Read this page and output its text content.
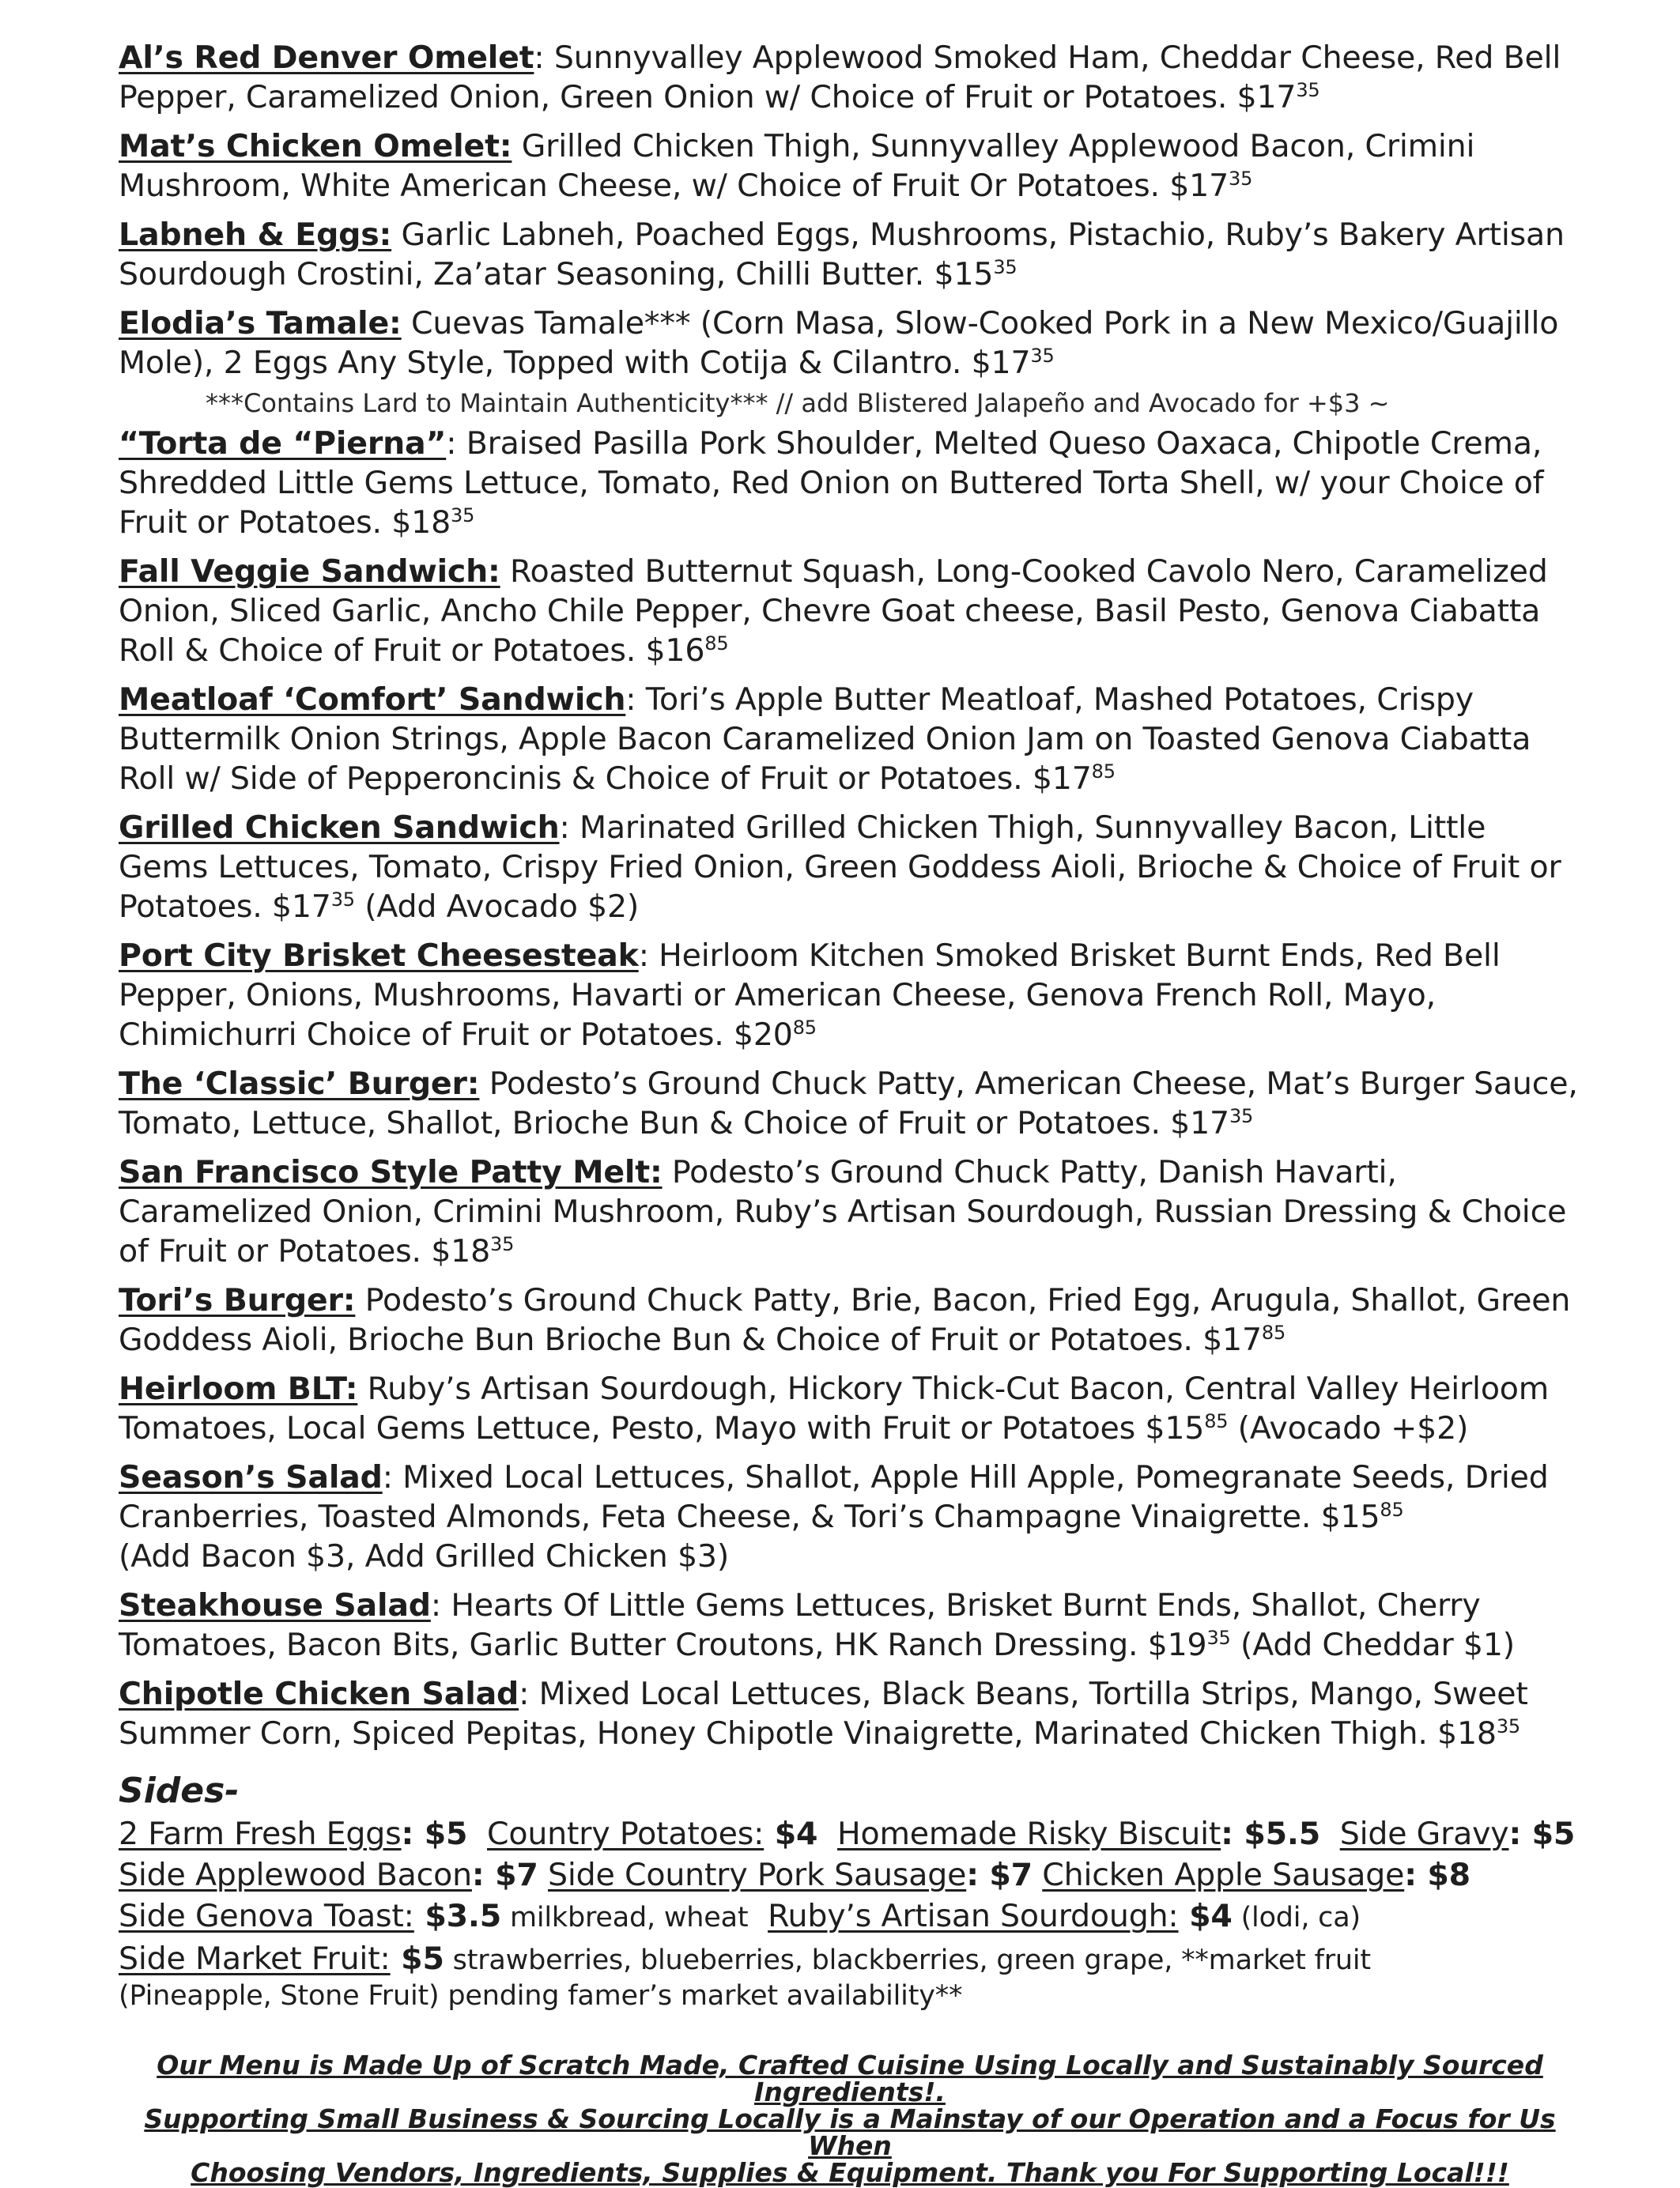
Al’s Red Denver Omelet: Sunnyvalley Applewood Smoked Ham, Cheddar Cheese, Red Bell Pepper, Caramelized Onion, Green Onion w/ Choice of Fruit or Potatoes. $\$17^{35}$
Mat’s Chicken Omelet: Grilled Chicken Thigh, Sunnyvalley Applewood Bacon, Crimini Mushroom, White American Cheese, w/ Choice of Fruit Or Potatoes. $\$17^{35}$
Labneh & Eggs: Garlic Labneh, Poached Eggs, Mushrooms, Pistachio, Ruby’s Bakery Artisan Sourdough Crostini, Za’atar Seasoning, Chilli Butter. $\$15^{35}$
Elodia’s Tamale: Cuevas Tamale*** (Corn Masa, Slow-Cooked Pork in a New Mexico/Guajillo Mole), 2 Eggs Any Style, Topped with Cotija & Cilantro. $\$17^{35}$
***Contains Lard to Maintain Authenticity*** // add Blistered Jalapeño and Avocado for +$3 ~
“Torta de “Pierna”: Braised Pasilla Pork Shoulder, Melted Queso Oaxaca, Chipotle Crema, Shredded Little Gems Lettuce, Tomato, Red Onion on Buttered Torta Shell, w/ your Choice of Fruit or Potatoes. $\$18^{35}$
Fall Veggie Sandwich: Roasted Butternut Squash, Long-Cooked Cavolo Nero, Caramelized Onion, Sliced Garlic, Ancho Chile Pepper, Chevre Goat cheese, Basil Pesto, Genova Ciabatta Roll & Choice of Fruit or Potatoes. $\$16^{85}$
Meatloaf ‘Comfort’ Sandwich: Tori’s Apple Butter Meatloaf, Mashed Potatoes, Crispy Buttermilk Onion Strings, Apple Bacon Caramelized Onion Jam on Toasted Genova Ciabatta Roll w/ Side of Pepperoncinis & Choice of Fruit or Potatoes. $\$17^{85}$
Grilled Chicken Sandwich: Marinated Grilled Chicken Thigh, Sunnyvalley Bacon, Little Gems Lettuces, Tomato, Crispy Fried Onion, Green Goddess Aioli, Brioche & Choice of Fruit or Potatoes. $\$17^{35}$ (Add Avocado $2)
Port City Brisket Cheesesteak: Heirloom Kitchen Smoked Brisket Burnt Ends, Red Bell Pepper, Onions, Mushrooms, Havarti or American Cheese, Genova French Roll, Mayo, Chimichurri Choice of Fruit or Potatoes. $\$20^{85}$
The ‘Classic’ Burger: Podesto’s Ground Chuck Patty, American Cheese, Mat’s Burger Sauce, Tomato, Lettuce, Shallot, Brioche Bun & Choice of Fruit or Potatoes. $\$17^{35}$
San Francisco Style Patty Melt: Podesto’s Ground Chuck Patty, Danish Havarti, Caramelized Onion, Crimini Mushroom, Ruby’s Artisan Sourdough, Russian Dressing & Choice of Fruit or Potatoes. $\$18^{35}$
Tori’s Burger: Podesto’s Ground Chuck Patty, Brie, Bacon, Fried Egg, Arugula, Shallot, Green Goddess Aioli, Brioche Bun Brioche Bun & Choice of Fruit or Potatoes. $\$17^{85}$
Heirloom BLT: Ruby’s Artisan Sourdough, Hickory Thick-Cut Bacon, Central Valley Heirloom Tomatoes, Local Gems Lettuce, Pesto, Mayo with Fruit or Potatoes $\$15^{85}$ (Avocado +$2)
Season’s Salad: Mixed Local Lettuces, Shallot, Apple Hill Apple, Pomegranate Seeds, Dried Cranberries, Toasted Almonds, Feta Cheese, & Tori’s Champagne Vinaigrette. $\$15^{85}$
(Add Bacon $3, Add Grilled Chicken $3)
Steakhouse Salad: Hearts Of Little Gems Lettuces, Brisket Burnt Ends, Shallot, Cherry Tomatoes, Bacon Bits, Garlic Butter Croutons, HK Ranch Dressing. $\$19^{35}$ (Add Cheddar $1)
Chipotle Chicken Salad: Mixed Local Lettuces, Black Beans, Tortilla Strips, Mango, Sweet Summer Corn, Spiced Pepitas, Honey Chipotle Vinaigrette, Marinated Chicken Thigh. $\$18^{35}$
Sides-
2 Farm Fresh Eggs: $5 Country Potatoes: $4 Homemade Risky Biscuit: $5.5 Side Gravy: $5
Side Applewood Bacon: $7 Side Country Pork Sausage: $7 Chicken Apple Sausage: $8
Side Genova Toast: $3.5 milkbread, wheat Ruby’s Artisan Sourdough: $4 (lodi, ca)
Side Market Fruit: $5 strawberries, blueberries, blackberries, green grape, **market fruit
(Pineapple, Stone Fruit) pending famer’s market availability**
Our Menu is Made Up of Scratch Made, Crafted Cuisine Using Locally and Sustainably Sourced Ingredients!.
Supporting Small Business & Sourcing Locally is a Mainstay of our Operation and a Focus for Us When
Choosing Vendors, Ingredients, Supplies & Equipment. Thank you For Supporting Local!!!
